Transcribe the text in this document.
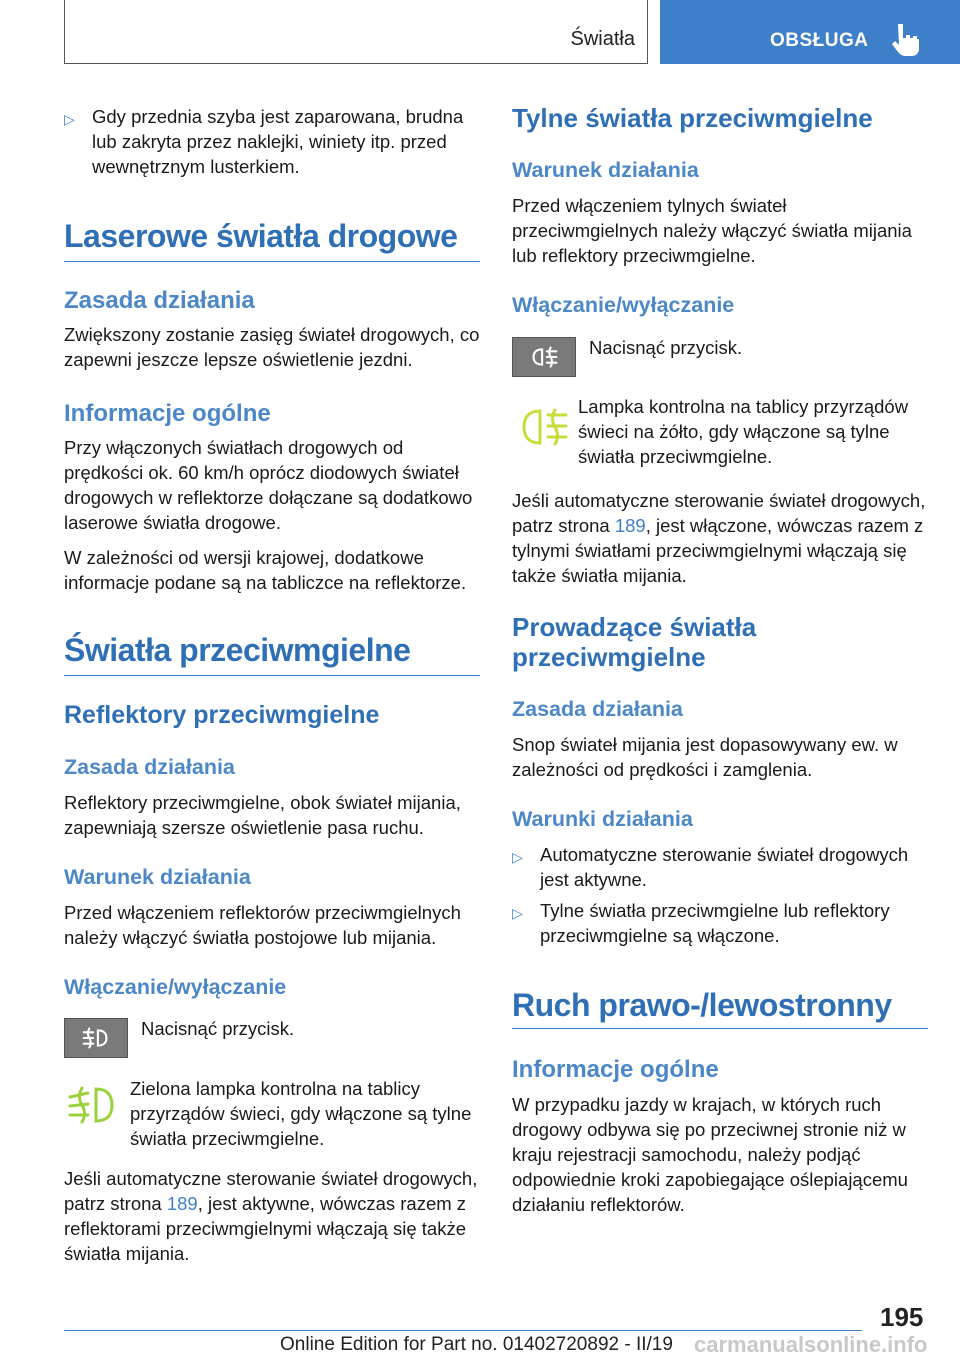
Światła	OBSŁUGA
▷ Gdy przednia szyba jest zaparowana, brudna lub zakryta przez naklejki, winiety itp. przed wewnętrznym lusterkiem.
Laserowe światła drogowe
Zasada działania
Zwiększony zostanie zasięg świateł drogowych, co zapewni jeszcze lepsze oświetlenie jezdni.
Informacje ogólne
Przy włączonych światłach drogowych od prędkości ok. 60 km/h oprócz diodowych świateł drogowych w reflektorze dołączane są dodatkowo laserowe światła drogowe.
W zależności od wersji krajowej, dodatkowe informacje podane są na tabliczce na reflektorze.
Światła przeciwmgielne
Reflektory przeciwmgielne
Zasada działania
Reflektory przeciwmgielne, obok świateł mijania, zapewniają szersze oświetlenie pasa ruchu.
Warunek działania
Przed włączeniem reflektorów przeciwmgielnych należy włączyć światła postojowe lub mijania.
Włączanie/wyłączanie
Nacisnąć przycisk.
Zielona lampka kontrolna na tablicy przyrządów świeci, gdy włączone są tylne światła przeciwmgielne.
Jeśli automatyczne sterowanie świateł drogowych, patrz strona 189, jest aktywne, wówczas razem z reflektorami przeciwmgielnymi włączają się także światła mijania.
Tylne światła przeciwmgielne
Warunek działania
Przed włączeniem tylnych świateł przeciwmgielnych należy włączyć światła mijania lub reflektory przeciwmgielne.
Włączanie/wyłączanie
Nacisnąć przycisk.
Lampka kontrolna na tablicy przyrządów świeci na żółto, gdy włączone są tylne światła przeciwmgielne.
Jeśli automatyczne sterowanie świateł drogowych, patrz strona 189, jest włączone, wówczas razem z tylnymi światłami przeciwmgielnymi włączają się także światła mijania.
Prowadzące światła
przeciwmgielne
Zasada działania
Snop świateł mijania jest dopasowywany ew. w zależności od prędkości i zamglenia.
Warunki działania
▷ Automatyczne sterowanie świateł drogowych jest aktywne.
▷ Tylne światła przeciwmgielne lub reflektory przeciwmgielne są włączone.
Ruch prawo-/lewostronny
Informacje ogólne
W przypadku jazdy w krajach, w których ruch drogowy odbywa się po przeciwnej stronie niż w kraju rejestracji samochodu, należy podjąć odpowiednie kroki zapobiegające oślepiającemu działaniu reflektorów.
195
Online Edition for Part no. 01402720892 - II/19 carmanualsonline.info
